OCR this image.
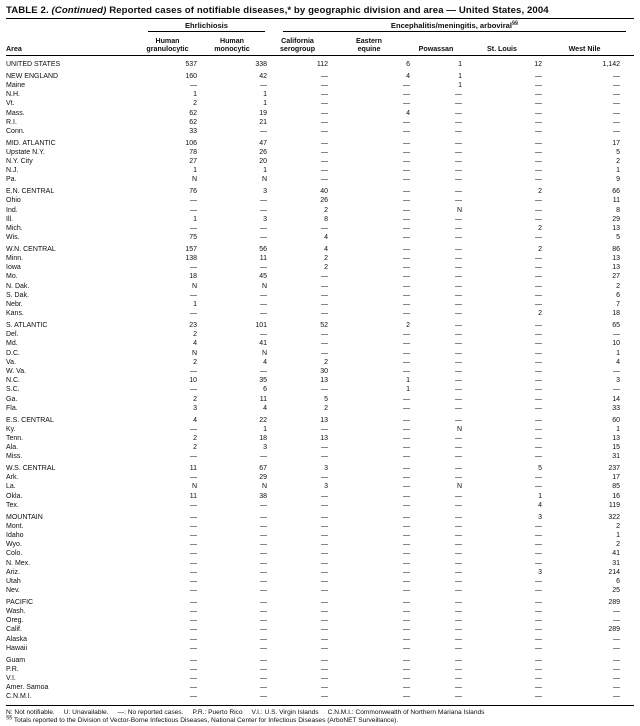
TABLE 2. (Continued) Reported cases of notifiable diseases,* by geographic division and area — United States, 2004
Ehrlichiosis	Encephalitis/meningitis, arboviral§§
Area
Human
granulocytic
Human
monocytic
California
serogroup
Eastern
equine	Powassan	St. Louis	West Nile
UNITED STATES	537	338	112	6	1	12	1,142
NEW ENGLAND	160	42	—	4	1	—	—
Maine	—	—	—	—	1	—	—
N.H.	1	1	—	—	—	—	—
Vt.	2	1	—	—	—	—	—
Mass.	62	19	—	4	—	—	—
R.I.	62	21	—	—	—	—	—
Conn.	33	—	—	—	—	—	—
MID. ATLANTIC	106	47	—	—	—	—	17
Upstate N.Y.	78	26	—	—	—	—	5
N.Y. City	27	20	—	—	—	—	2
N.J.	1	1	—	—	—	—	1
Pa.	N	N	—	—	—	—	9
E.N. CENTRAL	76	3	40	—	—	2	66
Ohio	—	—	26	—	—	—	11
Ind.	—	—	2	—	N	—	8
Ill.	1	3	8	—	—	—	29
Mich.	—	—	—	—	—	2	13
Wis.	75	—	4	—	—	—	5
W.N. CENTRAL	157	56	4	—	—	2	86
Minn.	138	11	2	—	—	—	13
Iowa	—	—	2	—	—	—	13
Mo.	18	45	—	—	—	—	27
N. Dak.	N	N	—	—	—	—	2
S. Dak.	—	—	—	—	—	—	6
Nebr.	1	—	—	—	—	—	7
Kans.	—	—	—	—	—	2	18
S. ATLANTIC	23	101	52	2	—	—	65
Del.	2	—	—	—	—	—	—
Md.	4	41	—	—	—	—	10
D.C.	N	N	—	—	—	—	1
Va.	2	4	2	—	—	—	4
W. Va.	—	—	30	—	—	—	—
N.C.	10	35	13	1	—	—	3
S.C.	—	6	—	1	—	—	—
Ga.	2	11	5	—	—	—	14
Fla.	3	4	2	—	—	—	33
E.S. CENTRAL	4	22	13	—	—	—	60
Ky.	—	1	—	—	N	—	1
Tenn.	2	18	13	—	—	—	13
Ala.	2	3	—	—	—	—	15
Miss.	—	—	—	—	—	—	31
W.S. CENTRAL	11	67	3	—	—	5	237
Ark.	—	29	—	—	—	—	17
La.	N	N	3	—	N	—	85
Okla.	11	38	—	—	—	1	16
Tex.	—	—	—	—	—	4	119
MOUNTAIN	—	—	—	—	—	3	322
Mont.	—	—	—	—	—	—	2
Idaho	—	—	—	—	—	—	1
Wyo.	—	—	—	—	—	—	2
Colo.	—	—	—	—	—	—	41
N. Mex.	—	—	—	—	—	—	31
Ariz.	—	—	—	—	—	3	214
Utah	—	—	—	—	—	—	6
Nev.	—	—	—	—	—	—	25
PACIFIC	—	—	—	—	—	—	289
Wash.	—	—	—	—	—	—	—
Oreg.	—	—	—	—	—	—	—
Calif.	—	—	—	—	—	—	289
Alaska	—	—	—	—	—	—	—
Hawaii	—	—	—	—	—	—	—
Guam	—	—	—	—	—	—	—
P.R.	—	—	—	—	—	—	—
V.I.	—	—	—	—	—	—	—
Amer. Samoa	—	—	—	—	—	—	—
C.N.M.I.	—	—	—	—	—	—	—
N: Not notifiable. U: Unavailable. —: No reported cases. P.R.: Puerto Rico V.I.: U.S. Virgin Islands C.N.M.I.: Commonwealth of Northern Mariana Islands
§§ Totals reported to the Division of Vector-Borne Infectious Diseases, National Center for Infectious Diseases (ArboNET Surveillance).
